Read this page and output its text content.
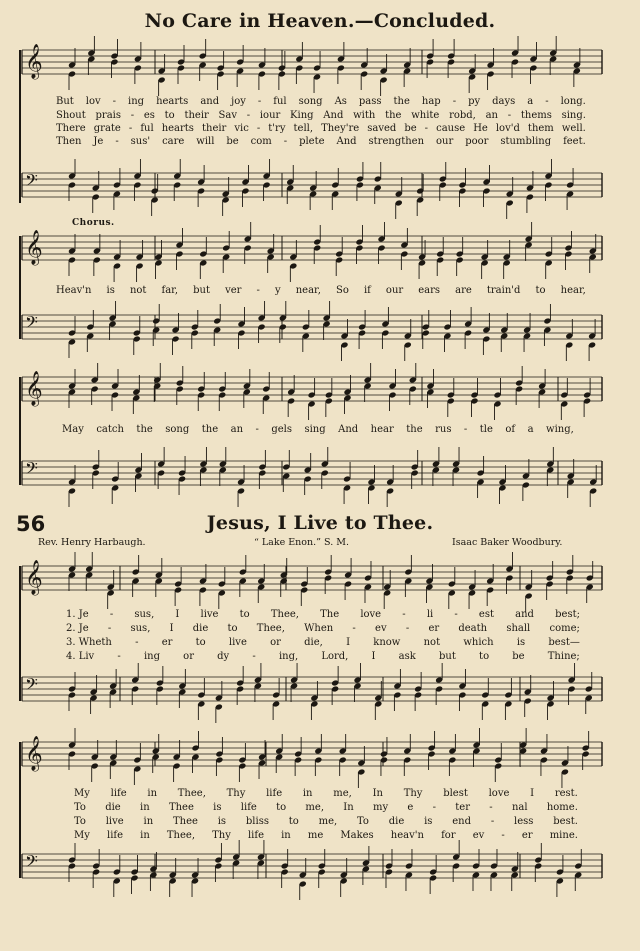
No Care in Heaven.—Concluded.
Chorus.
But lov - ing hearts and joy - ful song As pass the hap - py days a - long.
Shout prais - es to their Sav - iour King And with the white robd, an - thems sing.
There grate - ful hearts their vic - t'ry tell, They're saved be - cause He lov'd them well.
Then Je - sus' care will be com - plete And strengthen our poor stumbling feet.
Heav'n is not far, but ver - y near, So if our ears are train'd to hear,
May catch the song the an - gels sing And hear the rus - tle of a wing,
56	Jesus, I Live to Thee.
Rev. Henry Harbaugh.	“ Lake Enon.” S. M.	Isaac Baker Woodbury.
1. Je - sus, I live to Thee, The love - li - est and best;
2. Je - sus, I die to Thee, When - ev - er death shall come;
3. Wheth - er to live or die, I know not which is best—
4. Liv - ing or dy - ing, Lord, I ask but to be Thine;
My life in Thee, Thy life in me, In Thy blest love I rest.
To die in Thee is life to me, In my e - ter - nal home.
To live in Thee is bliss to me, To die is end - less best.
My life in Thee, Thy life in me Makes heav'n for ev - er mine.
𝄞
𝄢
𝄞
𝄢
𝄞
𝄢
𝄞
𝄢
𝄞
𝄢
